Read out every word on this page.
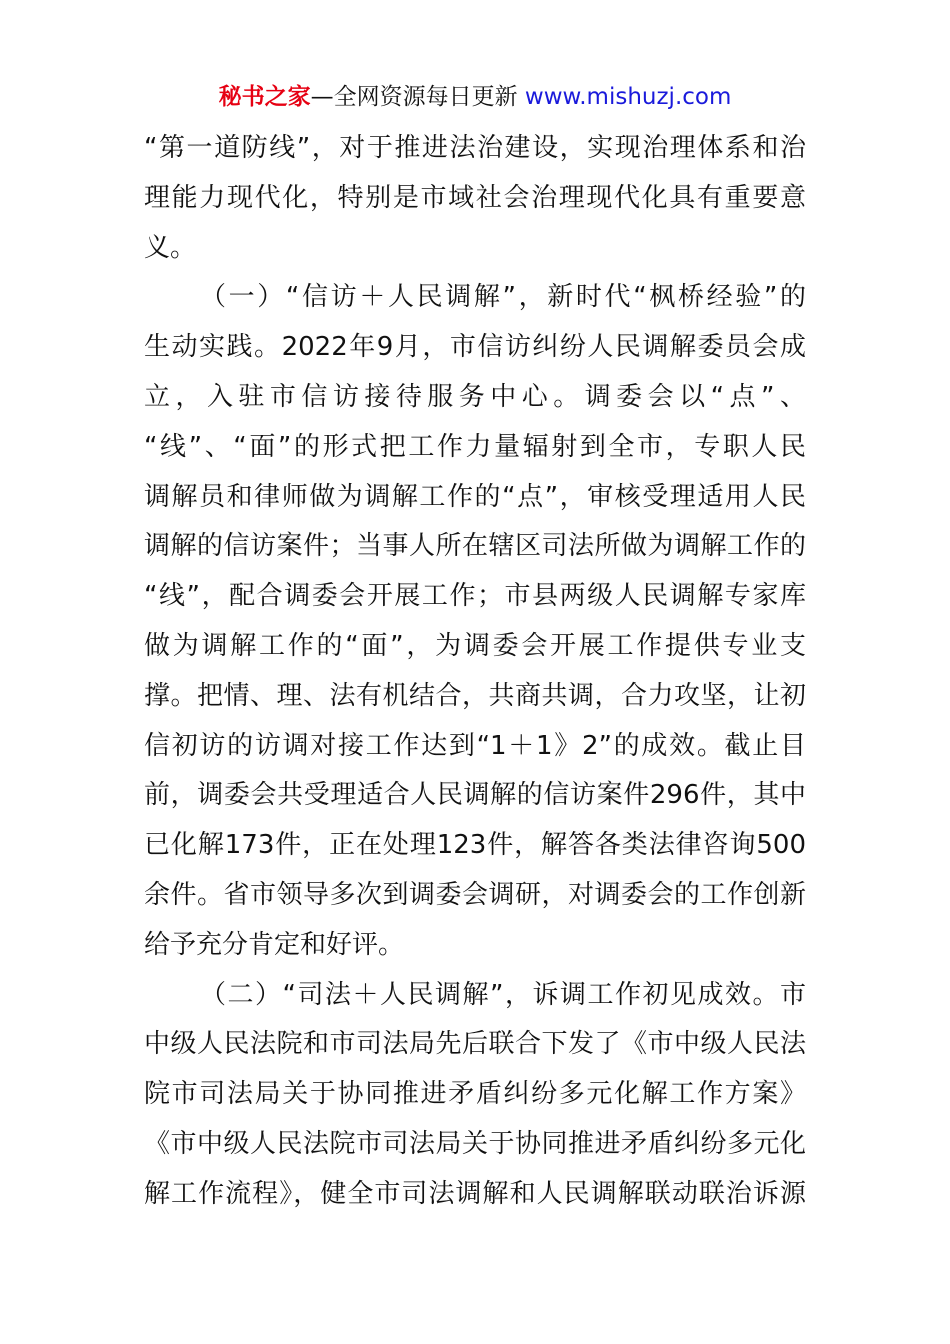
秘书之家—全网资源每日更新 www.mishuzj.com
“第一道防线”，对于推进法治建设，实现治理体系和治
理能力现代化，特别是市域社会治理现代化具有重要意
义。
（一）“信访＋人民调解”，新时代“枫桥经验”的
生动实践。2022年9月，市信访纠纷人民调解委员会成
立，入驻市信访接待服务中心。调委会以“点”、
“线”、“面”的形式把工作力量辐射到全市，专职人民
调解员和律师做为调解工作的“点”，审核受理适用人民
调解的信访案件；当事人所在辖区司法所做为调解工作的
“线”，配合调委会开展工作；市县两级人民调解专家库
做为调解工作的“面”，为调委会开展工作提供专业支
撑。把情、理、法有机结合，共商共调，合力攻坚，让初
信初访的访调对接工作达到“1＋1》2”的成效。截止目
前，调委会共受理适合人民调解的信访案件296件，其中
已化解173件，正在处理123件，解答各类法律咨询500
余件。省市领导多次到调委会调研，对调委会的工作创新
给予充分肯定和好评。
（二）“司法＋人民调解”，诉调工作初见成效。市
中级人民法院和市司法局先后联合下发了《市中级人民法
院市司法局关于协同推进矛盾纠纷多元化解工作方案》
《市中级人民法院市司法局关于协同推进矛盾纠纷多元化
解工作流程》，健全市司法调解和人民调解联动联治诉源
